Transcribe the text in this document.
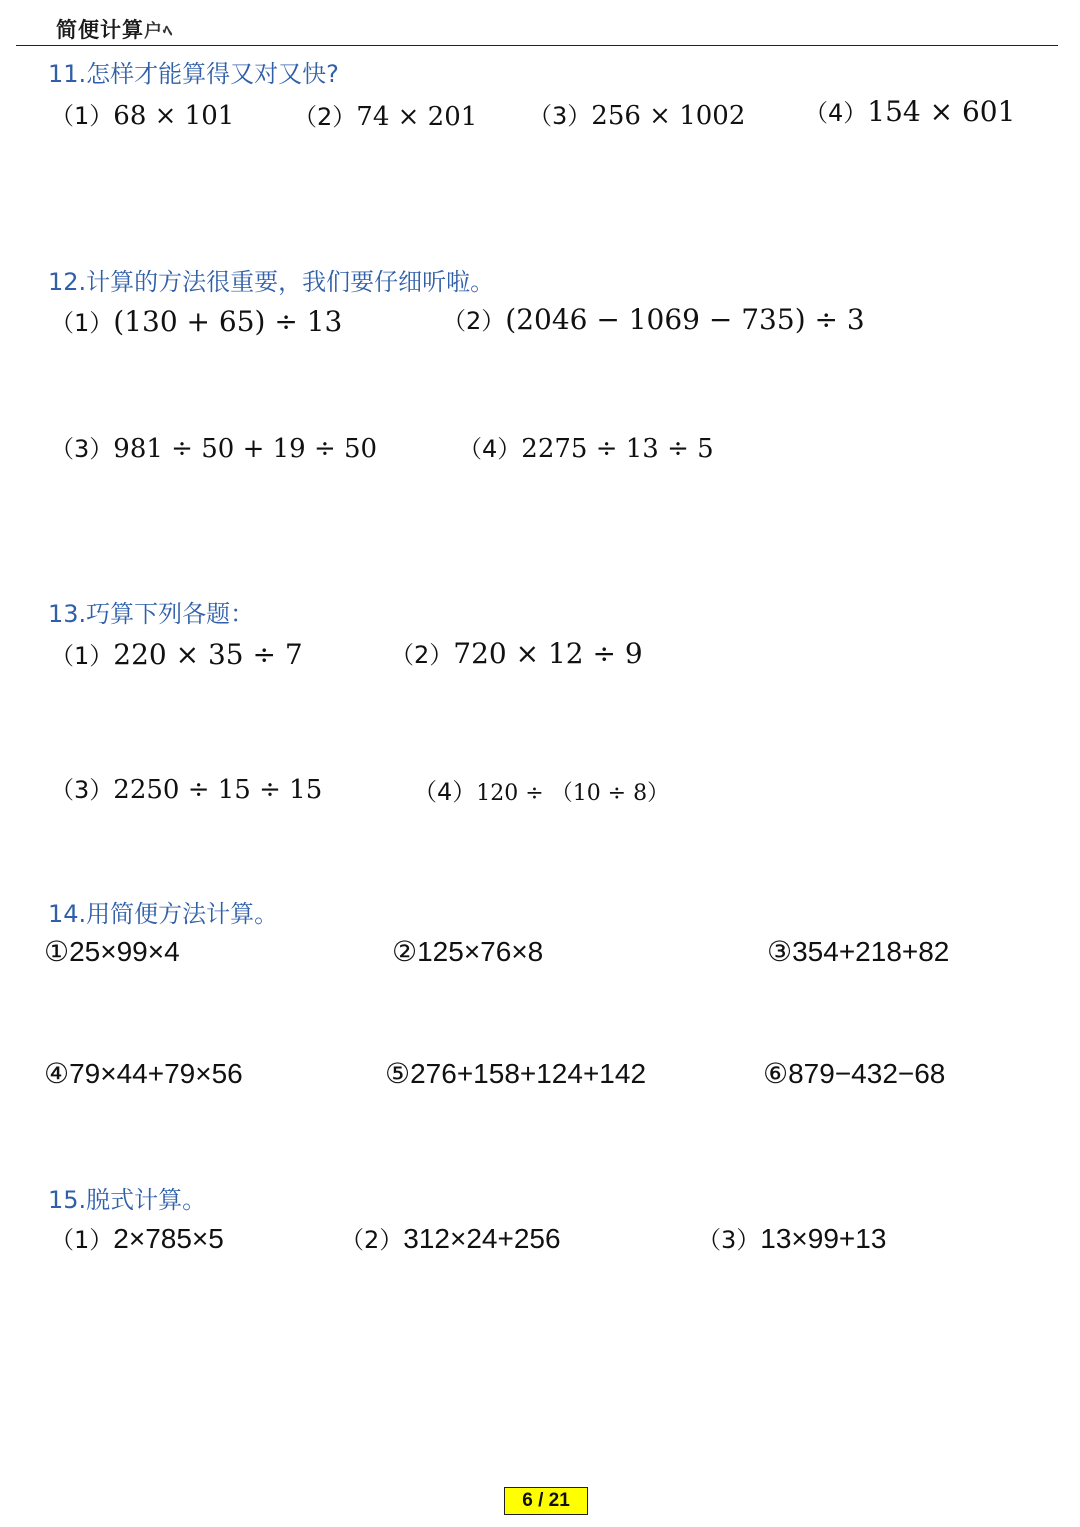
简便计算户ﾍ
11.怎样才能算得又对又快?
（1）68 × 101 （2）74 × 201 （3）256 × 1002 （4）154 × 601
12.计算的方法很重要，我们要仔细听啦。
（1）(130 + 65) ÷ 13	（2）(2046 − 1069 − 735) ÷ 3
（3）981 ÷ 50 + 19 ÷ 50	（4）2275 ÷ 13 ÷ 5
13.巧算下列各题：
（1）220 × 35 ÷ 7	（2）720 × 12 ÷ 9
（3）2250 ÷ 15 ÷ 15	（4）120 ÷ （10 ÷ 8）
14.用简便方法计算。
①25×99×4	②125×76×8	③354+218+82
④79×44+79×56	⑤276+158+124+142	⑥879−432−68
15.脱式计算。
（1）2×785×5	（2）312×24+256	（3）13×99+13
6 / 21
